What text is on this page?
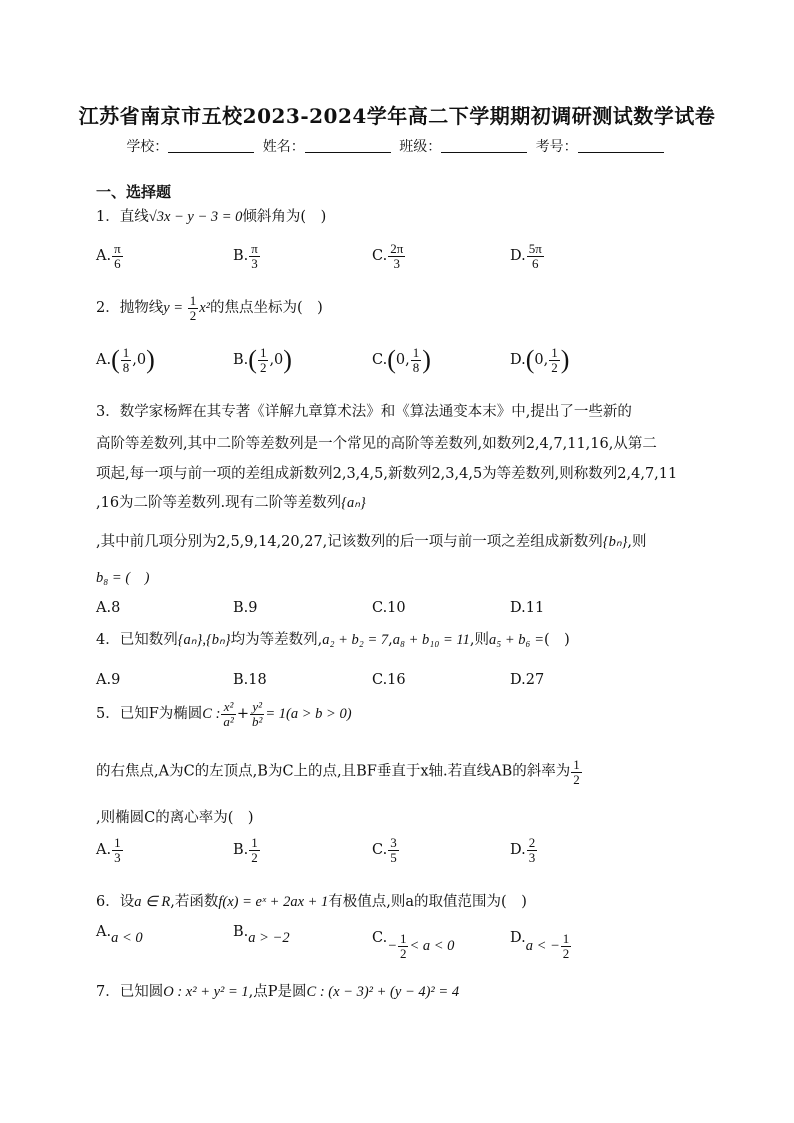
江苏省南京市五校2023-2024学年高二下学期期初调研测试数学试卷
学校：	姓名：	班级：	考号：
一、选择题
1．直线√3x − y − 3 = 0倾斜角为(　)
A. $\frac{\pi}{6}$	B. $\frac{\pi}{3}$	C. $\frac{2\pi}{3}$	D. $\frac{5\pi}{6}$
2．抛物线$y = \frac{1}{2} x^2$的焦点坐标为(　)
$A.( \frac{1}{8} ,0)$	$B.( \frac{1}{2} ,0)$	C.(0, $\frac{1}{8}$ )	D.(0, $\frac{1}{2}$ )
3．数学家杨辉在其专著《详解九章算术法》和《算法通变本末》中,提出了一些新的
高阶等差数列,其中二阶等差数列是一个常见的高阶等差数列,如数列2,4,7,11,16,从第二
项起,每一项与前一项的差组成新数列2,3,4,5,新数列2,3,4,5为等差数列,则称数列2,4,7,11
,16为二阶等差数列.现有二阶等差数列{aₙ}
,其中前几项分别为2,5,9,14,20,27,记该数列的后一项与前一项之差组成新数列{bₙ},则
b₈ = (　)
A.8	B.9	C.10	D.11
4．已知数列{aₙ},{bₙ}均为等差数列,a₂ + b₂ = 7,a₈ + b₁₀ = 11,则a₅ + b₆ =(　)
A.9	B.18	C.16	D.27
5．已知F为椭圆C : $\frac{\text{x²}}{\text{a²}} + \frac{\text{y²}}{\text{b²}} = 1(a > b > 0)$
的右焦点,A为C的左顶点,B为C上的点,且BF垂直于x轴.若直线AB的斜率为 $\frac{1}{2}$
,则椭圆C的离心率为(　)
A. $\frac{1}{3}$	B. $\frac{1}{2}$	C. $\frac{3}{5}$	D. $\frac{2}{3}$
6．设a ∈ R,若函数f(x) = eˣ + 2ax + 1有极值点,则a的取值范围为(　)
A.a < 0	B.a > −2	$C.- \frac{1}{2} < a < 0$	D.a < − $\frac{1}{2}$
7．已知圆O : x² + y² = 1,点P是圆C : (x − 3)² + (y − 4)² = 4
